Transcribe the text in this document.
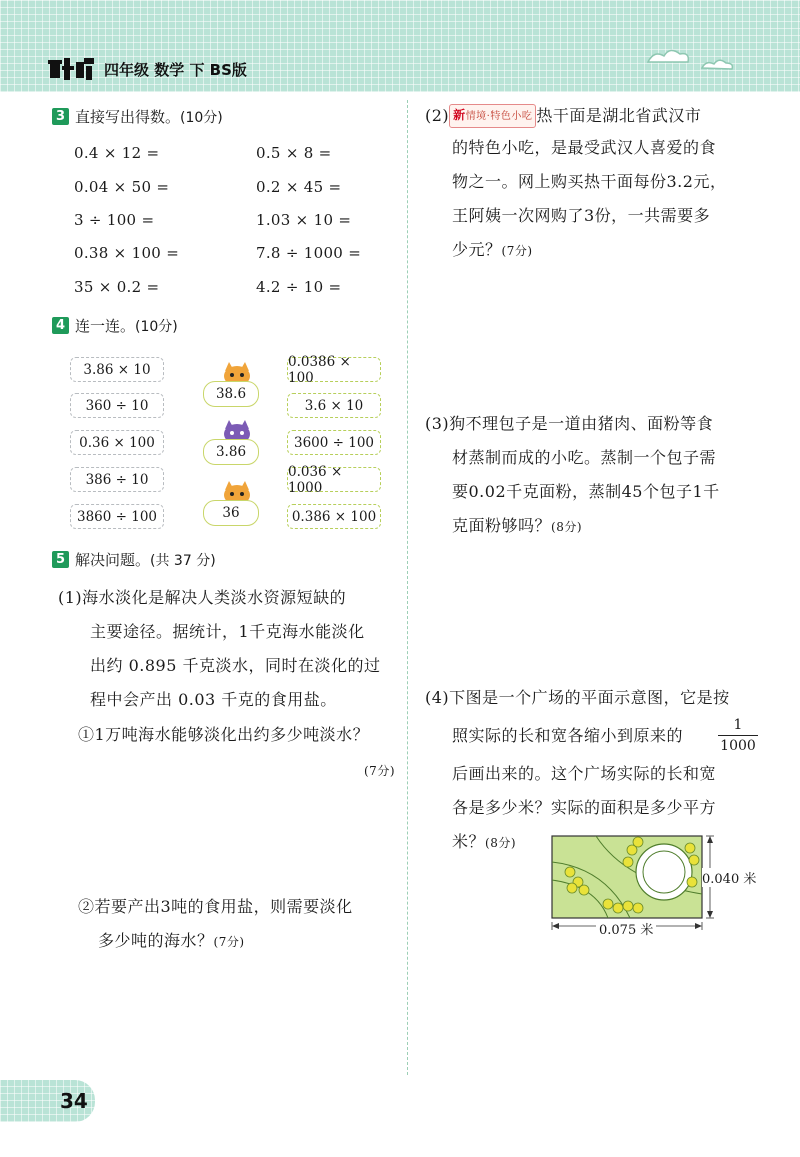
四年级 数学 下 BS版
3 直接写出得数。 (10分)
0.4 × 12 =
0.04 × 50 =
3 ÷ 100 =
0.38 × 100 =
35 × 0.2 =
0.5 × 8 =
0.2 × 45 =
1.03 × 10 =
7.8 ÷ 1000 =
4.2 ÷ 10 =
4 连一连。 (10分)
3.86 × 10
360 ÷ 10
0.36 × 100
386 ÷ 10
3860 ÷ 100
38.6
3.86
36
0.0386 × 100
3.6 × 10
3600 ÷ 100
0.036 × 1000
0.386 × 100
5 解决问题。 (共 37 分)
(1)海水淡化是解决人类淡水资源短缺的
主要途径。据统计，1千克海水能淡化
出约 0.895 千克淡水，同时在淡化的过
程中会产出 0.03 千克的食用盐。
①1万吨海水能够淡化出约多少吨淡水？
(7分)
②若要产出3吨的食用盐，则需要淡化
多少吨的海水？(7分)
(2) 新情境·特色小吃 热干面是湖北省武汉市
的特色小吃，是最受武汉人喜爱的食
物之一。网上购买热干面每份3.2元，
王阿姨一次网购了3份，一共需要多
少元？(7分)
(3)狗不理包子是一道由猪肉、面粉等食
材蒸制而成的小吃。蒸制一个包子需
要0.02千克面粉，蒸制45个包子1千
克面粉够吗？(8分)
(4)下图是一个广场的平面示意图，它是按
照实际的长和宽各缩小到原来的
1
1000
后画出来的。这个广场实际的长和宽
各是多少米？实际的面积是多少平方
米？(8分)
0.040 米
0.075 米
34
